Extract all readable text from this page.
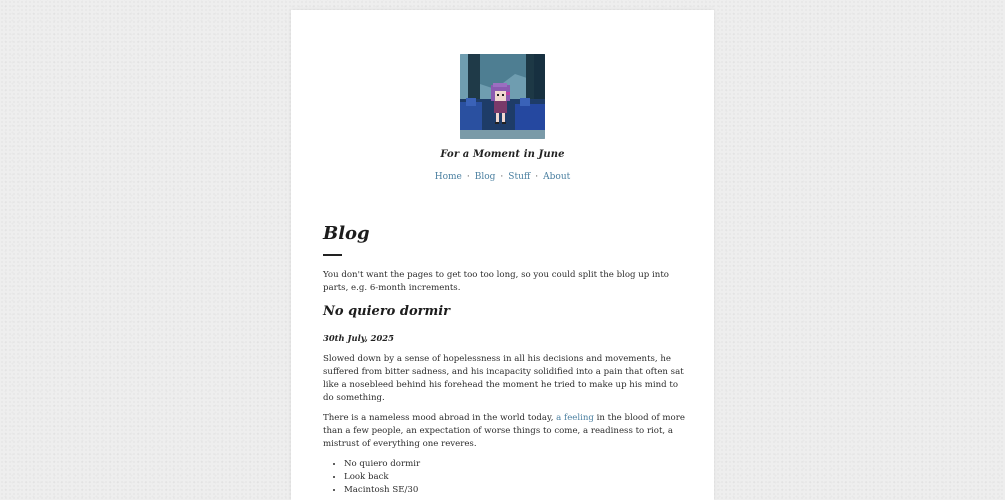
For a Moment in June
Home · Blog · Stuff · About
Blog

You don't want the pages to get too too long, so you could split the blog up into parts, e.g. 6-month increments.

No quiero dormir
30th July, 2025

Slowed down by a sense of hopelessness in all his decisions and movements, he suffered from bitter sadness, and his incapacity solidified into a pain that often sat like a nosebleed behind his forehead the moment he tried to make up his mind to do something.

There is a nameless mood abroad in the world today, a feeling in the blood of more than a few people, an expectation of worse things to come, a readiness to riot, a mistrust of everything one reveres.

• No quiero dormir
• Look back
• Macintosh SE/30
